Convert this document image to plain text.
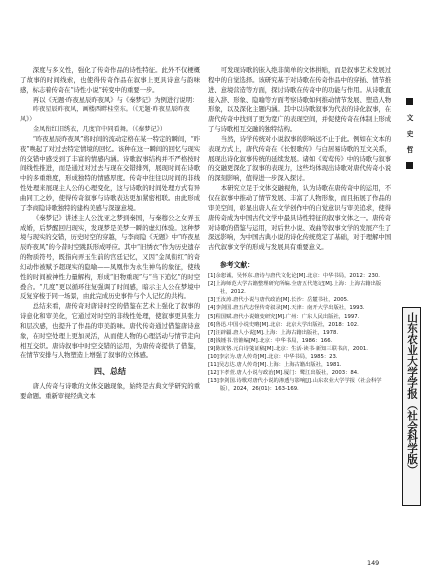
深度与多义性，强化了传奇作品的诗性特征。此外不仅梗概了故事的时间线索，也使得传奇作品在叙事上更具诗意与韵味感，标志着传奇在“诗性小说”转变中的重要一步。

再以《无题·昨夜星辰昨夜风》与《秦梦记》为例进行说明：

昨夜星辰昨夜风，画楼西畔桂堂东。（《无题·昨夜星辰昨夜风》）

金凤衔红旧绣衣，几度宫中同看舞。（《秦梦记》）

“昨夜星辰昨夜风”将时间的流动定格在某一特定的瞬间，“昨夜”唤起了对过去特定情境的回忆。该种在这一瞬间的回忆与现实的交错中感受到了丰富的情感内涵。诗歌叙事结构并不严格按时间线性推进，而是通过对过去与现在交错排列，展现时间在诗歌中的多重维度，形成独特的情感厚度。传奇中往往以时间的非线性处理来展现主人公的心理变化，这与诗歌的时间处理方式有异曲同工之妙，使得传奇叙事与诗歌表达更加紧密相联。由此形成了李商隐诗歌独特的建构美感与深邃意境。

《秦梦记》讲述主人公沈亚之梦到秦国，与秦穆公之女弄玉成婚，后梦醒回归现实，发现梦是美梦一瞬的虚幻体验。这种梦境与现实的交错，历史时空的穿越，与李商隐《无题》中“昨夜星辰昨夜风”的今昔时空跳跃形成呼应。其中“旧绣衣”作为历史遗存的物质符号，既指向弄玉生前的宫廷记忆，又因“金凤衔红”的奇幻动作被赋予超现实的隐喻——凤凰作为永生神鸟的象征，使线性的时间被神性力量解构，形成“旧物重现”与“当下追忆”的时空叠合。“几度”更以循环往复强调了时间感，暗示主人公在梦境中反复穿梭于同一场景，由此完成历史事件与个人记忆的共构。

总结来看，唐传奇对唐诗时空的借鉴在艺术上强化了叙事的诗意化和审美化，它通过对时空的非线性处理，使叙事更具张力和层次感，也提升了作品的审美韵味。唐代传奇通过借鉴唐诗意象，在时空处理上更加灵活，从而使人物的心理活动与情节走向相互交织。唐诗叙事中时空交错的运用，为唐传奇提供了借鉴，在情节安排与人物塑造上增强了叙事的立体感。

四、总结

唐人传奇与诗歌的文体交融现象，始终是古典文学研究的重要命题。重新审视经典文本

可发现诗歌的嵌入绝非简单的文体拼贴，而是叙事艺术发展过程中的自觉选择。该研究基于对诗歌在传奇作品中的穿插、情节推进、意境营造等方面，探讨诗歌在传奇中的功能与作用。从诗歌直接入辞、形象、隐喻等方面考察诗歌如何推动情节发展、塑造人物形象，以及深化主题内涵。其中以诗歌叙事为代表的诗化叙事，在唐代传奇中找到了更为宽广的表现空间，并促使传奇在体制上形成了与诗歌相互交融的独特结构。

当然，诗学传统对小说叙事的影响远不止于此。例如在文本的表现方式上，唐代传奇在《长恨歌传》与白居易诗歌的互文关系，展现出诗化叙事传统的延续发展。诸如《莺莺传》中的诗歌与叙事的交融更深化了叙事的表现力，这些均体现出诗歌对唐代传奇小说的深刻影响，值得进一步深入探讨。

本研究立足于文体交融视角，认为诗歌在唐传奇中的运用，不仅在叙事中推动了情节发展、丰富了人物形象，而且拓展了作品的审美空间，彰显出唐人在文学创作中的自觉意识与审美追求，使得唐传奇成为中国古代文学中最具诗性特征的叙事文体之一。唐传奇对诗歌的借鉴与运用，对后世小说、戏曲等叙事文学的发展产生了深远影响，为中国古典小说的诗化传统奠定了基础，对于理解中国古代叙事文学的形成与发展具有重要意义。

参考文献：

[1]余恕诚，吴怀东.唐诗与唐代文化论[M].北京：中华书局，2012：230.

[2]上海师范大学古籍整理研究所编.全唐五代笔记[M].上海：上海古籍出版社，2012.

[3]王汝涛.唐代小说与唐代政治[M].长沙：岳麓书社，2005.

[4]李剑国.唐五代志怪传奇叙录[M].天津：南开大学出版社，1993.

[5]程国赋.唐代小说嬗变研究[M].广州：广东人民出版社，1997.

[6]鲁迅.中国小说史略[M].北京：北京大学出版社，2018：102.

[7]汪辟疆.唐人小说[M].上海：上海古籍出版社，1978.

[8]钱锺书.管锥编[M].北京：中华书局，1986：166.

[9]陈寅恪.元白诗笺证稿[M].北京：生活·读书·新知三联书店，2001.

[10]李宗为.唐人传奇[M].北京：中华书局，1985：23.

[11]吴志达.唐人传奇[M].上海：上海古籍出版社，1981.

[12]卞孝萱.唐人小说与政治[M].厦门：鹭江出版社，2003：84.

[13]李剑国.诗歌对唐代小说的渗透与影响[J].山东农业大学学报（社会科学版），2024，26(01)：163-169.

文
史
哲
山东农业大学学报（社会科学版）
149
